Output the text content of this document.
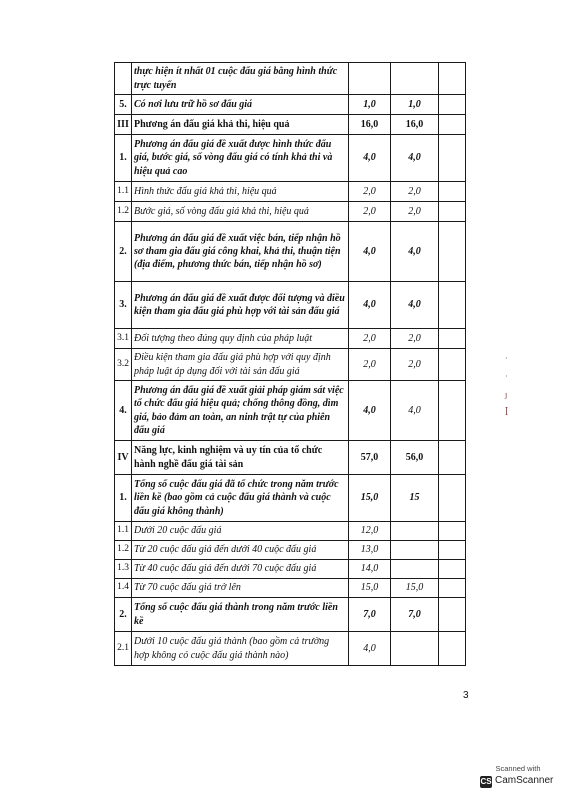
	thực hiện ít nhất 01 cuộc đấu giá bằng hình thức trực tuyến			
5.	Có nơi lưu trữ hồ sơ đấu giá	1,0	1,0	
III	Phương án đấu giá khả thi, hiệu quả	16,0	16,0	
1.	Phương án đấu giá đề xuất được hình thức đấu giá, bước giá, số vòng đấu giá có tính khả thi và hiệu quả cao	4,0	4,0	
1.1	Hình thức đấu giá khả thi, hiệu quả	2,0	2,0	
1.2	Bước giá, số vòng đấu giá khả thi, hiệu quả	2,0	2,0	
2.	Phương án đấu giá đề xuất việc bán, tiếp nhận hồ sơ tham gia đấu giá công khai, khả thi, thuận tiện (địa điểm, phương thức bán, tiếp nhận hồ sơ)	4,0	4,0	
3.	Phương án đấu giá đề xuất được đối tượng và điều kiện tham gia đấu giá phù hợp với tài sản đấu giá	4,0	4,0	
3.1	Đối tượng theo đúng quy định của pháp luật	2,0	2,0	
3.2	Điều kiện tham gia đấu giá phù hợp với quy định pháp luật áp dụng đối với tài sản đấu giá	2,0	2,0	
4.	Phương án đấu giá đề xuất giải pháp giám sát việc tổ chức đấu giá hiệu quả; chống thông đồng, dìm giá, bảo đảm an toàn, an ninh trật tự của phiên đấu giá	4,0	4,0	
IV	Năng lực, kinh nghiệm và uy tín của tổ chức hành nghề đấu giá tài sản	57,0	56,0	
1.	Tổng số cuộc đấu giá đã tổ chức trong năm trước liền kề (bao gồm cả cuộc đấu giá thành và cuộc đấu giá không thành)	15,0	15	
1.1	Dưới 20 cuộc đấu giá	12,0		
1.2	Từ 20 cuộc đấu giá đến dưới 40 cuộc đấu giá	13,0		
1.3	Từ 40 cuộc đấu giá đến dưới 70 cuộc đấu giá	14,0		
1.4	Từ 70 cuộc đấu giá trở lên	15,0	15,0	
2.	Tổng số cuộc đấu giá thành trong năm trước liền kề	7,0	7,0	
2.1	Dưới 10 cuộc đấu giá thành (bao gồm cả trường hợp không có cuộc đấu giá thành nào)	4,0		
·
·
ȷ
ꟾ
3
Scanned with
CS CamScanner
